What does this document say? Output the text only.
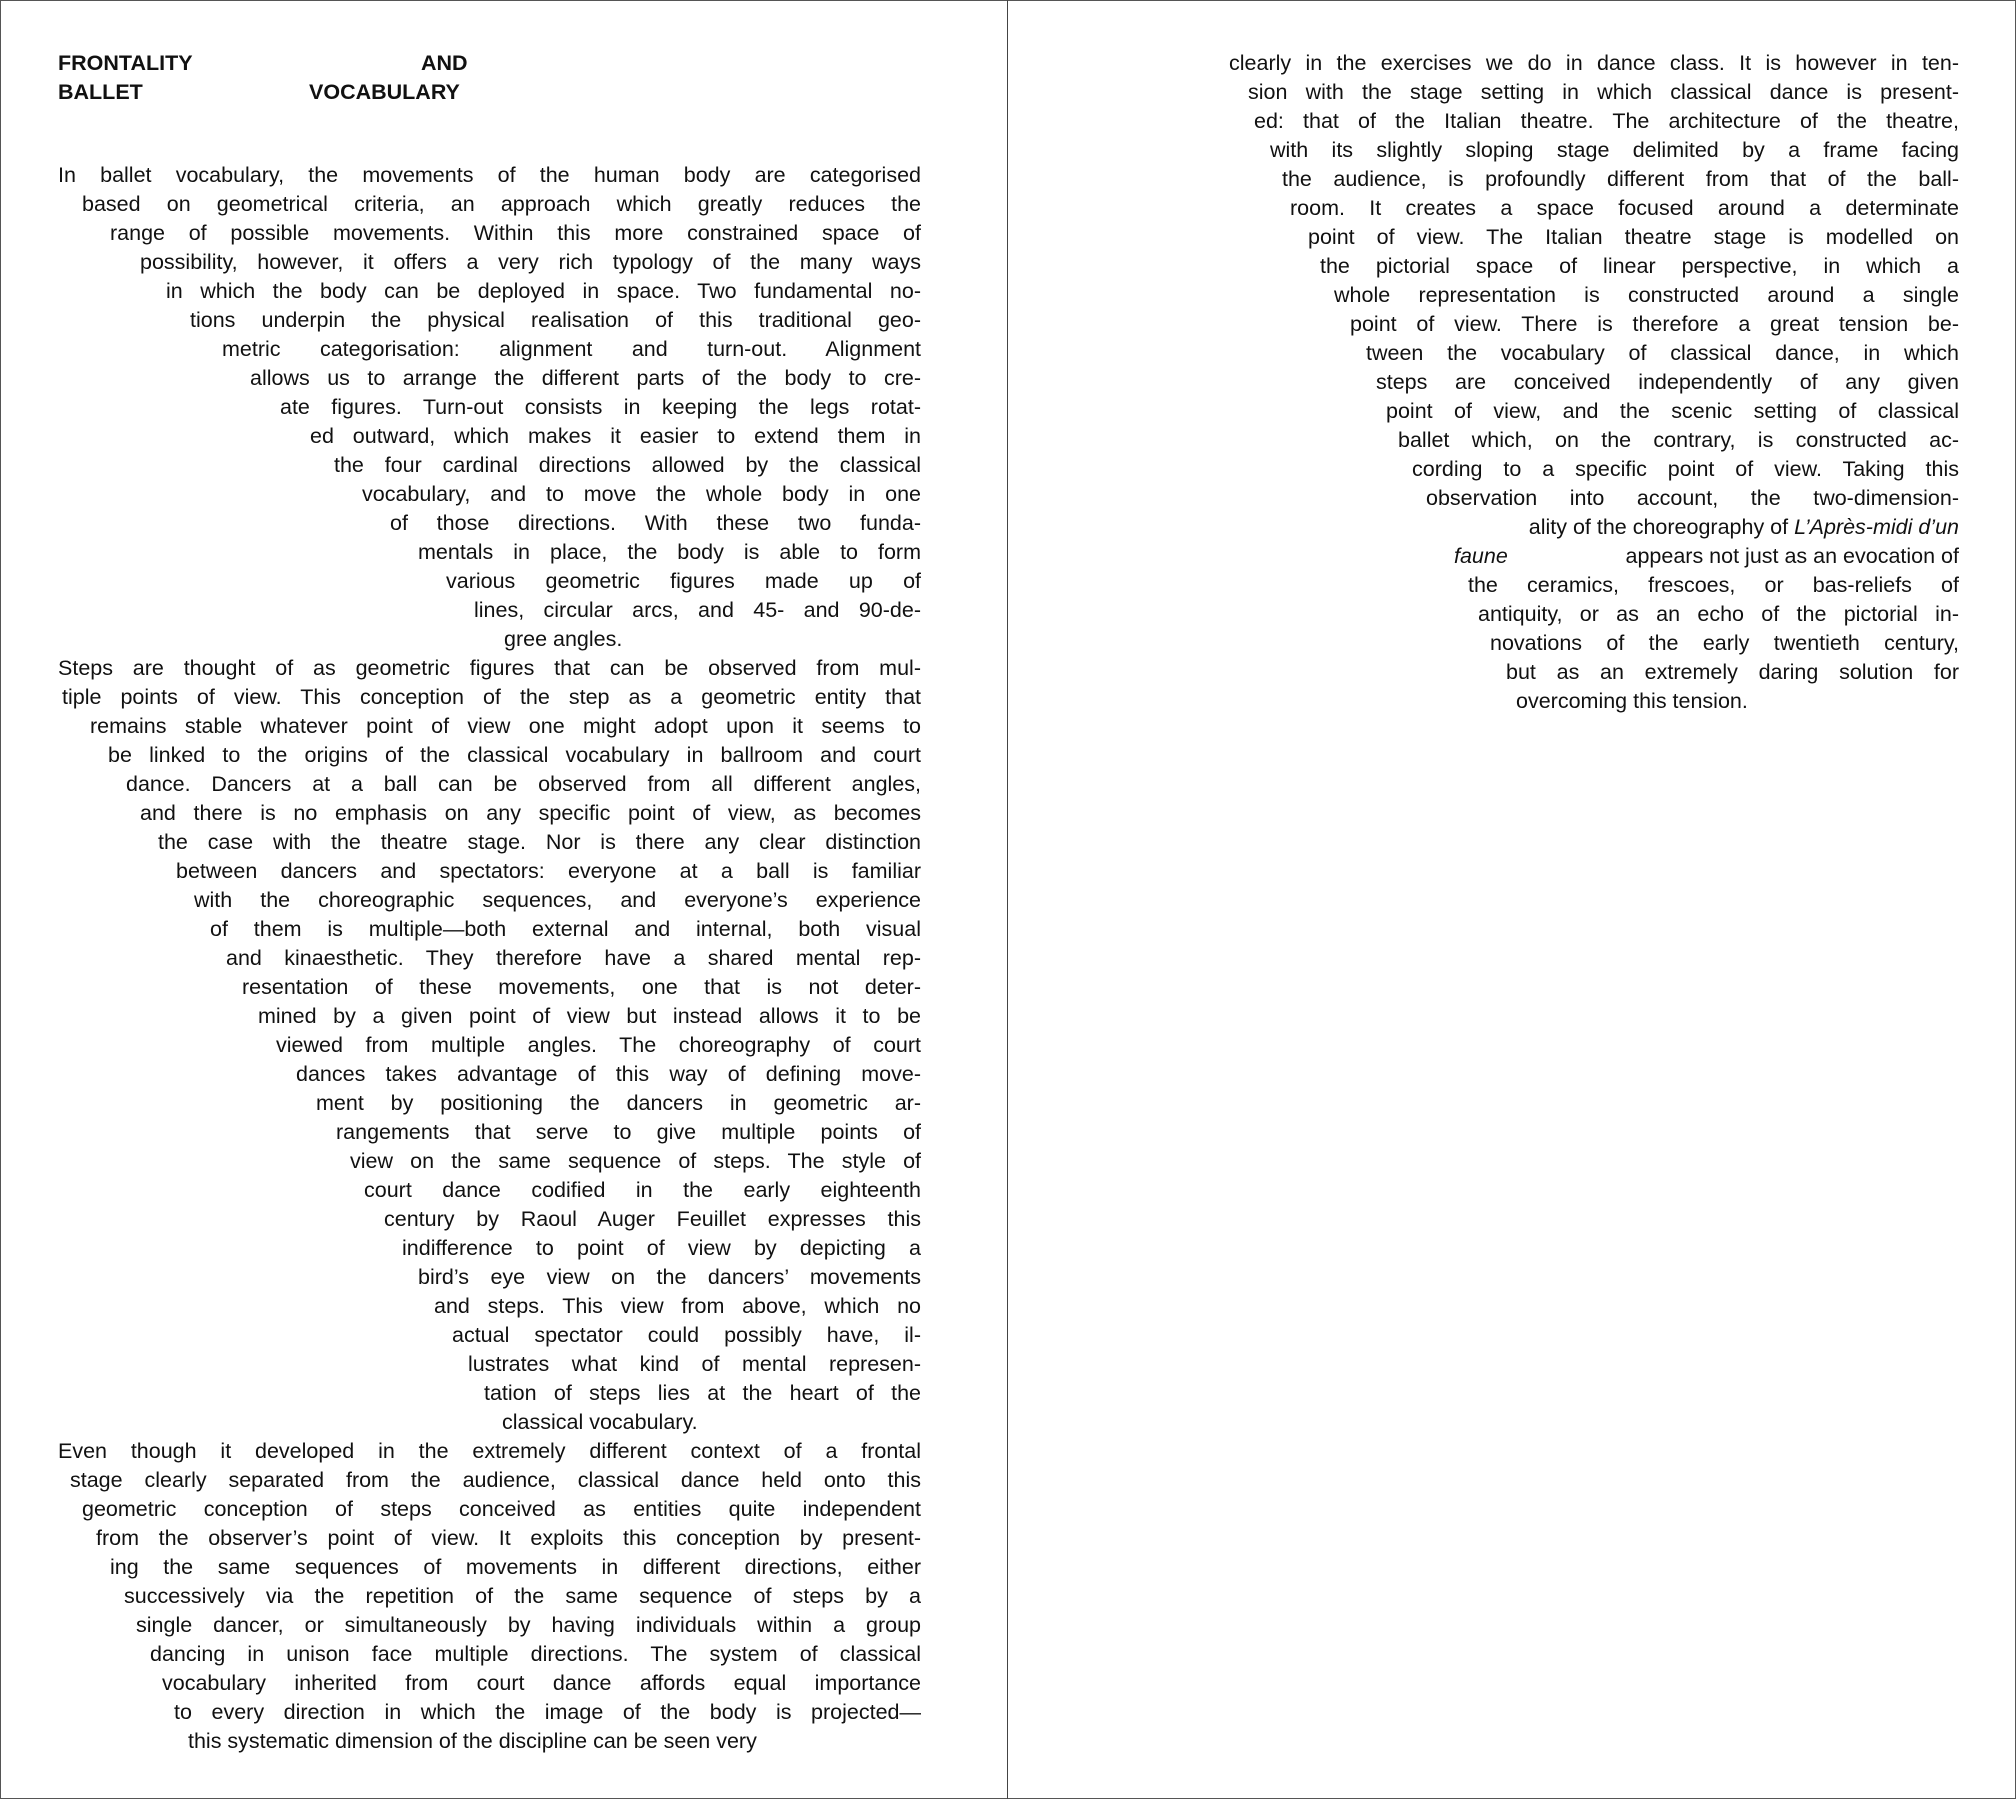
FRONTALITY	AND
BALLET	VOCABULARY
In ballet vocabulary, the movements of the human body are categorised
based on geometrical criteria, an approach which greatly reduces the
range of possible movements. Within this more constrained space of
possibility, however, it offers a very rich typology of the many ways
in which the body can be deployed in space. Two fundamental no-
tions underpin the physical realisation of this traditional geo-
metric categorisation: alignment and turn-out. Alignment
allows us to arrange the different parts of the body to cre-
ate figures. Turn-out consists in keeping the legs rotat-
ed outward, which makes it easier to extend them in
the four cardinal directions allowed by the classical
vocabulary, and to move the whole body in one
of those directions. With these two funda-
mentals in place, the body is able to form
various geometric figures made up of
lines, circular arcs, and 45- and 90-de-
gree angles.
Steps are thought of as geometric figures that can be observed from mul-
tiple points of view. This conception of the step as a geometric entity that
remains stable whatever point of view one might adopt upon it seems to
be linked to the origins of the classical vocabulary in ballroom and court
dance. Dancers at a ball can be observed from all different angles,
and there is no emphasis on any specific point of view, as becomes
the case with the theatre stage. Nor is there any clear distinction
between dancers and spectators: everyone at a ball is familiar
with the choreographic sequences, and everyone’s experience
of them is multiple—both external and internal, both visual
and kinaesthetic. They therefore have a shared mental rep-
resentation of these movements, one that is not deter-
mined by a given point of view but instead allows it to be
viewed from multiple angles. The choreography of court
dances takes advantage of this way of defining move-
ment by positioning the dancers in geometric ar-
rangements that serve to give multiple points of
view on the same sequence of steps. The style of
court dance codified in the early eighteenth
century by Raoul Auger Feuillet expresses this
indifference to point of view by depicting a
bird’s eye view on the dancers’ movements
and steps. This view from above, which no
actual spectator could possibly have, il-
lustrates what kind of mental represen-
tation of steps lies at the heart of the
classical vocabulary.
Even though it developed in the extremely different context of a frontal
stage clearly separated from the audience, classical dance held onto this
geometric conception of steps conceived as entities quite independent
from the observer’s point of view. It exploits this conception by present-
ing the same sequences of movements in different directions, either
successively via the repetition of the same sequence of steps by a
single dancer, or simultaneously by having individuals within a group
dancing in unison face multiple directions. The system of classical
vocabulary inherited from court dance affords equal importance
to every direction in which the image of the body is projected—
this systematic dimension of the discipline can be seen very
clearly in the exercises we do in dance class. It is however in ten-
sion with the stage setting in which classical dance is present-
ed: that of the Italian theatre. The architecture of the theatre,
with its slightly sloping stage delimited by a frame facing
the audience, is profoundly different from that of the ball-
room. It creates a space focused around a determinate
point of view. The Italian theatre stage is modelled on
the pictorial space of linear perspective, in which a
whole representation is constructed around a single
point of view. There is therefore a great tension be-
tween the vocabulary of classical dance, in which
steps are conceived independently of any given
point of view, and the scenic setting of classical
ballet which, on the contrary, is constructed ac-
cording to a specific point of view. Taking this
observation into account, the two-dimension-
ality of the choreography of L’Après-midi d’un
faune	appears not just as an evocation of
the ceramics, frescoes, or bas-reliefs of
antiquity, or as an echo of the pictorial in-
novations of the early twentieth century,
but as an extremely daring solution for
overcoming this tension.
